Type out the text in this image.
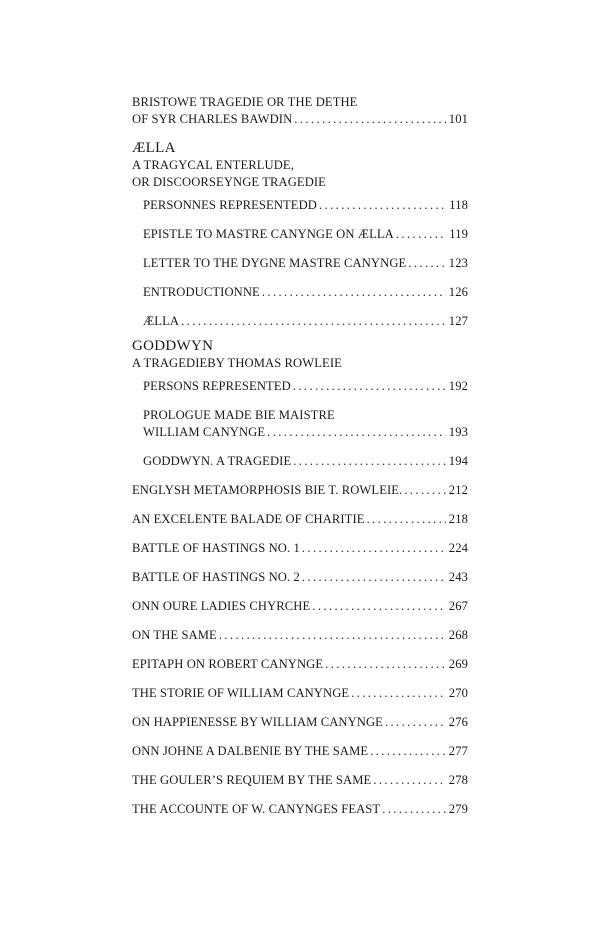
BRISTOWE TRAGEDIE OR THE DETHE
OF SYR CHARLES BAWDIN .....	101
ÆLLA
A TRAGYCAL ENTERLUDE,
OR DISCOORSEYNGE TRAGEDIE
PERSONNES REPRESENTEDD .....	118
EPISTLE TO MASTRE CANYNGE ON ÆLLA .....	119
LETTER TO THE DYGNE MASTRE CANYNGE .....	123
ENTRODUCTIONNE .....	126
ÆLLA .....	127
GODDWYN
A TRAGEDIEBY THOMAS ROWLEIE
PERSONS REPRESENTED .....	192
PROLOGUE MADE BIE MAISTRE
WILLIAM CANYNGE .....	193
GODDWYN. A TRAGEDIE .....	194
ENGLYSH METAMORPHOSIS BIE T. ROWLEIE. .....	212
AN EXCELENTE BALADE OF CHARITIE .....	218
BATTLE OF HASTINGS NO. 1 .....	224
BATTLE OF HASTINGS NO. 2 .....	243
ONN OURE LADIES CHYRCHE .....	267
ON THE SAME .....	268
EPITAPH ON ROBERT CANYNGE .....	269
THE STORIE OF WILLIAM CANYNGE .....	270
ON HAPPIENESSE BY WILLIAM CANYNGE .....	276
ONN JOHNE A DALBENIE BY THE SAME .....	277
THE GOULER’S REQUIEM BY THE SAME .....	278
THE ACCOUNTE OF W. CANYNGES FEAST .....	279
